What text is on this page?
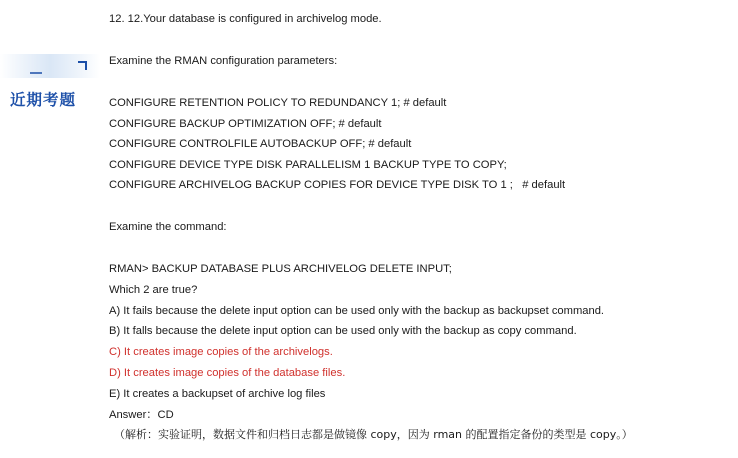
近期考题
12. 12.Your database is configured in archivelog mode.
Examine the RMAN configuration parameters:
CONFIGURE RETENTION POLICY TO REDUNDANCY 1; # default
CONFIGURE BACKUP OPTIMIZATION OFF; # default
CONFIGURE CONTROLFILE AUTOBACKUP OFF; # default
CONFIGURE DEVICE TYPE DISK PARALLELISM 1 BACKUP TYPE TO COPY;
CONFIGURE ARCHIVELOG BACKUP COPIES FOR DEVICE TYPE DISK TO 1 ;   # default
Examine the command:
RMAN> BACKUP DATABASE PLUS ARCHIVELOG DELETE INPUT;
Which 2 are true?
A) It fails because the delete input option can be used only with the backup as backupset command.
B) It falls because the delete input option can be used only with the backup as copy command.
C) It creates image copies of the archivelogs.
D) It creates image copies of the database files.
E) It creates a backupset of archive log files
Answer：CD
（解析：实验证明，数据文件和归档日志都是做镜像 copy，因为 rman 的配置指定备份的类型是 copy。）
